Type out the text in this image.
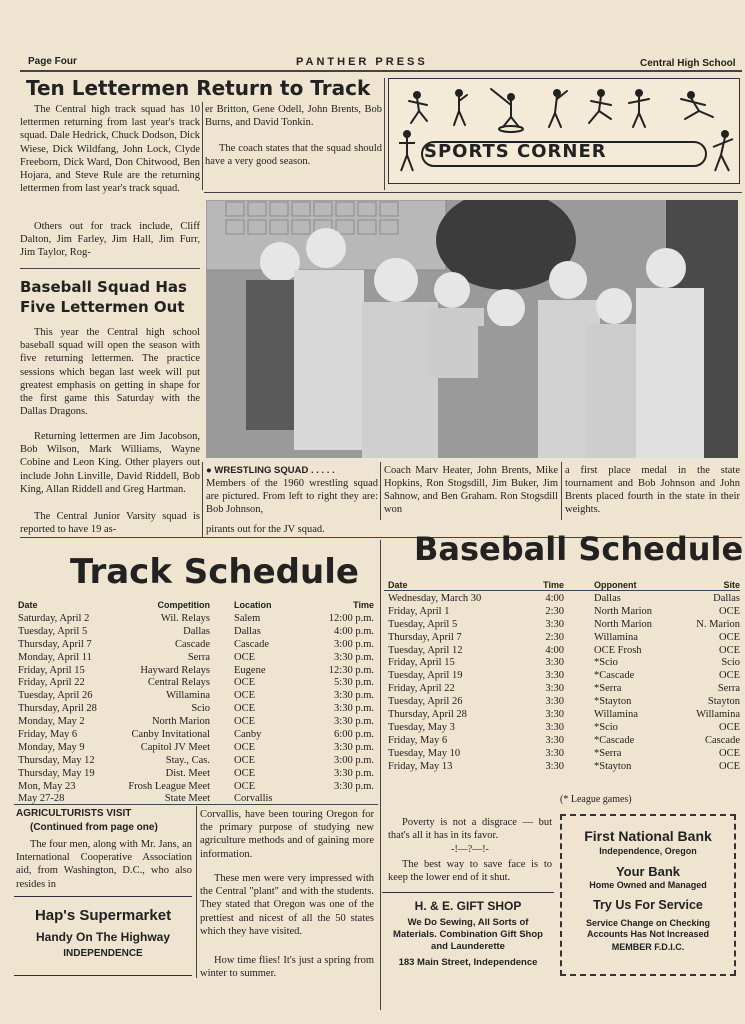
Page Four	PANTHER PRESS	Central High School
Ten Lettermen Return to Track
The Central high track squad has 10 lettermen returning from last year's track squad. Dale Hedrick, Chuck Dodson, Dick Wiese, Dick Wildfang, John Lock, Clyde Freeborn, Dick Ward, Don Chitwood, Ben Hojara, and Steve Rule are the returning lettermen from last year's track squad.
Others out for track include, Cliff Dalton, Jim Farley, Jim Hall, Jim Furr, Jim Taylor, Rog-
er Britton, Gene Odell, John Brents, Bob Burns, and David Tonkin.
The coach states that the squad should have a very good season.	SPORTS CORNER
Baseball Squad Has
Five Lettermen Out
This year the Central high school baseball squad will open the season with five returning lettermen. The practice sessions which began last week will put greatest emphasis on getting in shape for the first game this Saturday with the Dallas Dragons.
Returning lettermen are Jim Jacobson, Bob Wilson, Mark Williams, Wayne Cobine and Leon King. Other players out include John Linville, David Riddell, Bob King, Allan Riddell and Greg Hartman.
The Central Junior Varsity squad is reported to have 19 as-
● WRESTLING SQUAD . . . . .
Members of the 1960 wrestling squad are pictured. From left to right they are: Bob Johnson,
Coach Marv Heater, John Brents, Mike Hopkins, Ron Stogsdill, Jim Buker, Jim Sahnow, and Ben Graham. Ron Stogsdill won
a first place medal in the state tournament and Bob Johnson and John Brents placed fourth in the state in their weights.
pirants out for the JV squad.
Track Schedule
Date	Competition		Location	Time
Saturday, April 2	Wil. Relays		Salem	12:00 p.m.
Tuesday, April 5	Dallas		Dallas	4:00 p.m.
Thursday, April 7	Cascade		Cascade	3:00 p.m.
Monday, April 11	Serra		OCE	3:30 p.m.
Friday, April 15	Hayward Relays		Eugene	12:30 p.m.
Friday, April 22	Central Relays		OCE	5:30 p.m.
Tuesday, April 26	Willamina		OCE	3:30 p.m.
Thursday, April 28	Scio		OCE	3:30 p.m.
Monday, May 2	North Marion		OCE	3:30 p.m.
Friday, May 6	Canby Invitational		Canby	6:00 p.m.
Monday, May 9	Capitol JV Meet		OCE	3:30 p.m.
Thursday, May 12	Stay., Cas.		OCE	3:00 p.m.
Thursday, May 19	Dist. Meet		OCE	3:30 p.m.
Mon, May 23	Frosh League Meet		OCE	3:30 p.m.
May 27-28	State Meet		Corvallis	
Baseball Schedule
Date	Time		Opponent	Site
Wednesday, March 30	4:00		Dallas	Dallas
Friday, April 1	2:30		North Marion	OCE
Tuesday, April 5	3:30		North Marion	N. Marion
Thursday, April 7	2:30		Willamina	OCE
Tuesday, April 12	4:00		OCE Frosh	OCE
Friday, April 15	3:30		*Scio	Scio
Tuesday, April 19	3:30		*Cascade	OCE
Friday, April 22	3:30		*Serra	Serra
Tuesday, April 26	3:30		*Stayton	Stayton
Thursday, April 28	3:30		Willamina	Willamina
Tuesday, May 3	3:30		*Scio	OCE
Friday, May 6	3:30		*Cascade	Cascade
Tuesday, May 10	3:30		*Serra	OCE
Friday, May 13	3:30		*Stayton	OCE
(* League games)
AGRICULTURISTS VISIT
(Continued from page one)
The four men, along with Mr. Jans, an International Cooperative Association aid, from Washington, D.C., who also resides in
Corvallis, have been touring Oregon for the primary purpose of studying new agriculture methods and of gaining more information.
These men were very impressed with the Central "plant" and with the students. They stated that Oregon was one of the prettiest and nicest of all the 50 states which they have visited.
How time flies! It's just a spring from winter to summer.
Hap's Supermarket
Handy On The Highway
INDEPENDENCE
Poverty is not a disgrace — but that's all it has in its favor.
-!—?—!-
The best way to save face is to keep the lower end of it shut.
H. & E. GIFT SHOP
We Do Sewing, All Sorts of Materials. Combination Gift Shop and Launderette
183 Main Street, Independence
First National Bank
Independence, Oregon
Your Bank
Home Owned and Managed
Try Us For Service
Service Change on Checking Accounts Has Not Increased
MEMBER F.D.I.C.
